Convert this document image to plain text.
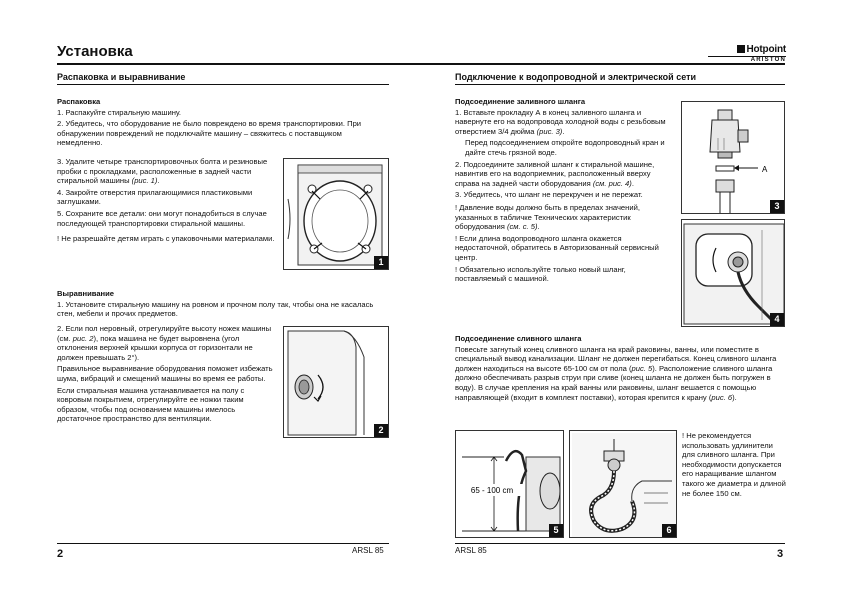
Установка	Hotpoint
ARISTON
Распаковка и выравнивание	Подключение к водопроводной и электрической сети
Распаковка
1. Распакуйте стиральную машину.
2. Убедитесь, что оборудование не было повреждено во время транспортировки. При обнаружении повреждений не подключайте машину – свяжитесь с поставщиком немедленно.
3. Удалите четыре транспортировочных болта и резиновые пробки с прокладками, расположенные в задней части стиральной машины (рис. 1).
4. Закройте отверстия прилагающимися пластиковыми заглушками.
5. Сохраните все детали: они могут понадобиться в случае последующей транспортировки стиральной машины.
! Не разрешайте детям играть с упаковочными материалами.
Выравнивание
1. Установите стиральную машину на ровном и прочном полу так, чтобы она не касалась стен, мебели и прочих предметов.
2. Если пол неровный, отрегулируйте высоту ножек машины (см. рис. 2), пока машина не будет выровнена (угол отклонения верхней крышки корпуса от горизонтали не должен превышать 2°).
Правильное выравнивание оборудования поможет избежать шума, вибраций и смещений машины во время ее работы.
Если стиральная машина устанавливается на полу с ковровым покрытием, отрегулируйте ее ножки таким образом, чтобы под основанием машины имелось достаточное пространство для вентиляции.
1
2
Подсоединение заливного шланга
1. Вставьте прокладку А в конец заливного шланга и навернуте его на водопровода холодной воды с резьбовым отверстием 3/4 дюйма (рис. 3).
Перед подсоединением откройте водопроводный кран и дайте стечь грязной воде.
2. Подсоедините заливной шланг к стиральной машине, навинтив его на водоприемник, расположенный вверху справа на задней части оборудования (см. рис. 4).
3. Убедитесь, что шланг не перекручен и не пережат.
! Давление воды должно быть в пределах значений, указанных в табличке Технических характеристик оборудования (см. с. 5).
! Если длина водопроводного шланга окажется недостаточной, обратитесь в Авторизованный сервисный центр.
! Обязательно используйте только новый шланг, поставляемый с машиной.
Подсоединение сливного шланга
Повесьте загнутый конец сливного шланга на край раковины, ванны, или поместите в специальный вывод канализации. Шланг не должен перегибаться. Конец сливного шланга должен находиться на высоте 65-100 см от пола (рис. 5). Расположение сливного шланга должно обеспечивать разрыв струи при сливе (конец шланга не должен быть погружен в воду). В случае крепления на край ванны или раковины, шланг вешается с помощью направляющей (входит в комплект поставки), которая крепится к крану (рис. 6).
! Не рекомендуется использовать удлинители для сливного шланга. При необходимости допускается его наращивание шлангом такого же диаметра и длиной не более 150 см.
A
3
4
65 - 100 cm
5	6
2	ARSL 85	ARSL 85	3
